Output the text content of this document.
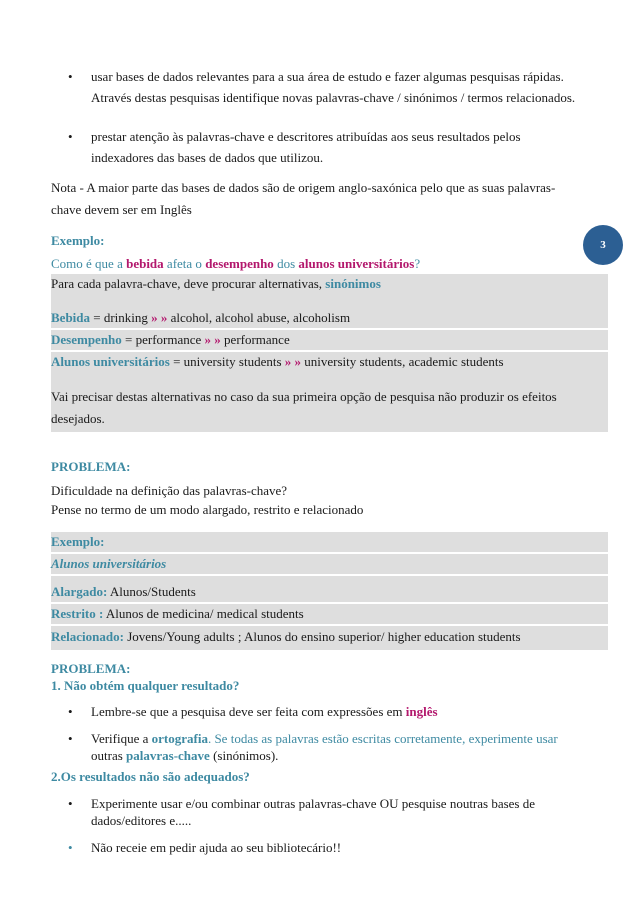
• usar bases de dados relevantes para a sua área de estudo e fazer algumas pesquisas rápidas.
Através destas pesquisas identifique novas palavras-chave / sinónimos / termos relacionados.
• prestar atenção às palavras-chave e descritores atribuídas aos seus resultados pelos
indexadores das bases de dados que utilizou.
Nota - A maior parte das bases de dados são de origem anglo-saxónica pelo que as suas palavras-
chave devem ser em Inglês
3
Exemplo:
Como é que a bebida afeta o desempenho dos alunos universitários?
Para cada palavra-chave, deve procurar alternativas, sinónimos
Bebida = drinking » » alcohol, alcohol abuse, alcoholism
Desempenho = performance » » performance
Alunos universitários = university students » » university students, academic students
Vai precisar destas alternativas no caso da sua primeira opção de pesquisa não produzir os efeitos
desejados.
PROBLEMA:
Dificuldade na definição das palavras-chave?
Pense no termo de um modo alargado, restrito e relacionado
Exemplo:
Alunos universitários
Alargado: Alunos/Students
Restrito : Alunos de medicina/ medical students
Relacionado: Jovens/Young adults ; Alunos do ensino superior/ higher education students
PROBLEMA:
1. Não obtém qualquer resultado?
• Lembre-se que a pesquisa deve ser feita com expressões em inglês
• Verifique a ortografia. Se todas as palavras estão escritas corretamente, experimente usar
outras palavras-chave (sinónimos).
2.Os resultados não são adequados?
• Experimente usar e/ou combinar outras palavras-chave OU pesquise noutras bases de
dados/editores e.....
• Não receie em pedir ajuda ao seu bibliotecário!!
